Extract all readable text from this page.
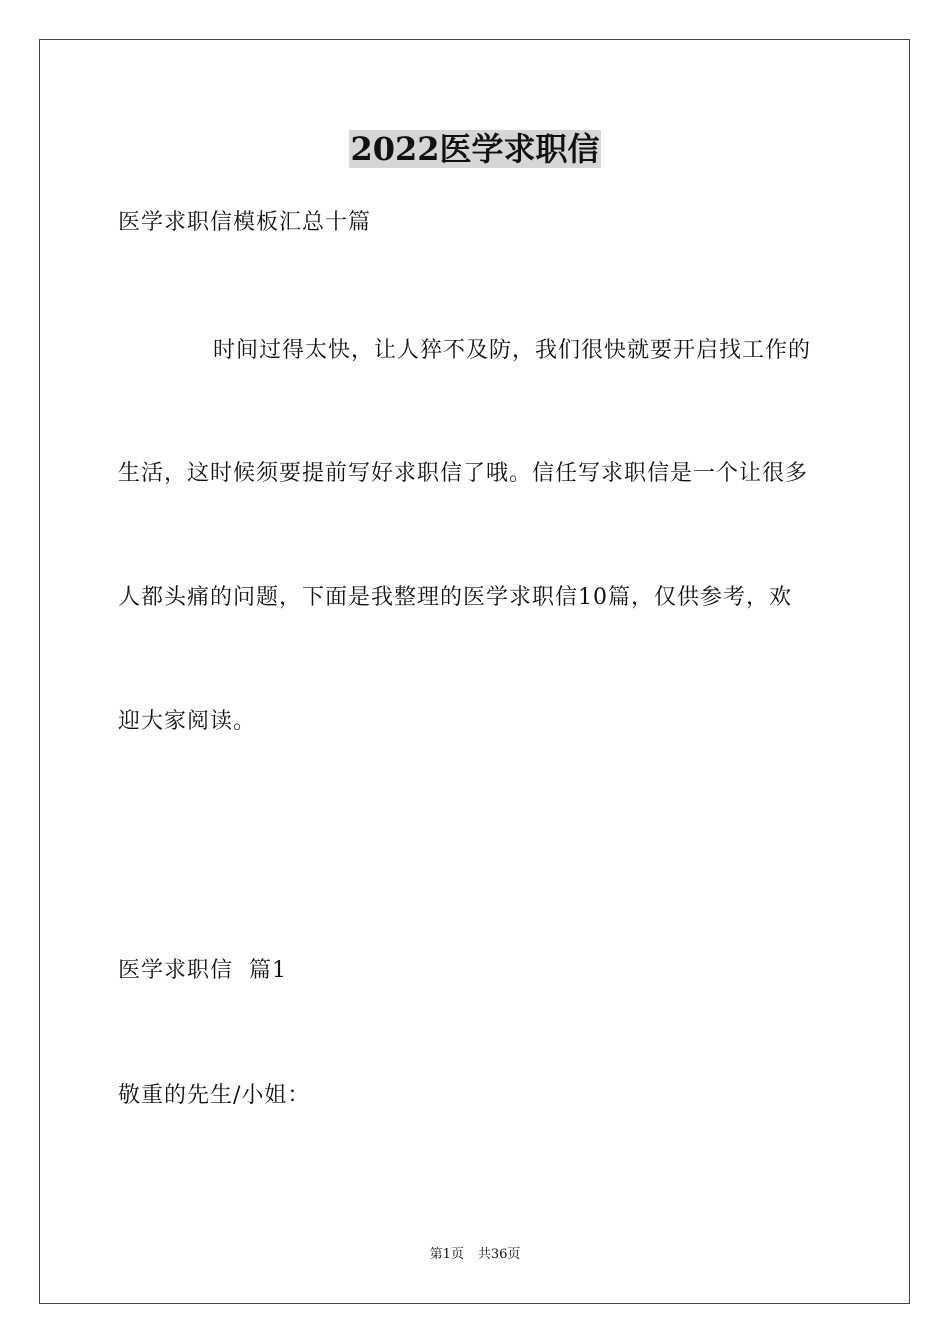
2022医学求职信
医学求职信模板汇总十篇
时间过得太快，让人猝不及防，我们很快就要开启找工作的
生活，这时候须要提前写好求职信了哦。信任写求职信是一个让很多
人都头痛的问题，下面是我整理的医学求职信10篇，仅供参考，欢
迎大家阅读。
医学求职信  篇1
敬重的先生/小姐：
第1页 共36页
